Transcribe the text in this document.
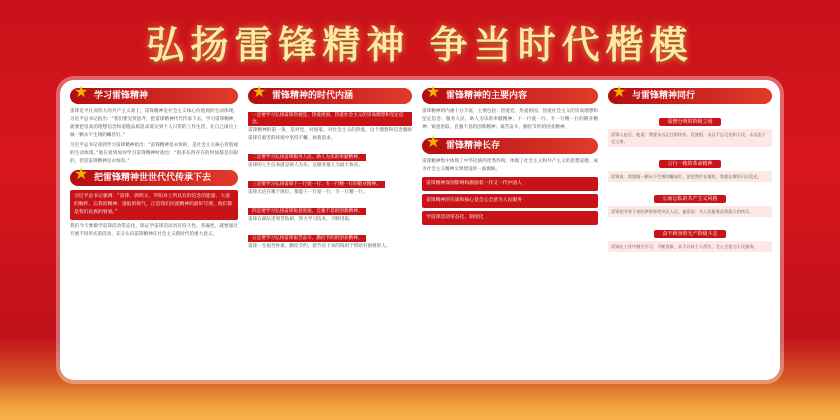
弘扬雷锋精神 争当时代楷模
★ 学习雷锋精神
雷锋是平凡而伟大的共产主义战士，雷锋精神是社会主义核心价值观的生动体现。习近平总书记指出：“我们要见贤思齐，把雷锋精神代代传承下去。学习雷锋精神，就要把崇高的理想信念和道德品质追求落实到个人日常的工作生活，在自己岗位上做一颗永不生锈的螺丝钉。”
习近平总书记谈到学习雷锋精神指出：“雷锋精神是永恒的，是社会主义核心价值观的生动体现。”他在谈到如何学习雷锋精神时指出：“很多东西存在的时间都是有限的，但是雷锋精神是永恒的。”
★ 把雷锋精神世世代代传承下去
习近平总书记强调：“雷锋、郭明义、罗阳身上所具有的信念的能量、大爱的胸怀、忘我的精神、进取的锐气，正是我们民族精神的最好写照，他们都是我们民族的脊梁。”
我们今天要做学雷锋活动常态化，保证学雷锋活动具有持久性，普遍性，就要通过开展不同形式的活动，充分认识雷锋精神在社会主义新时代的重大意义。
★ 雷锋精神的时代内涵
一是要学习弘扬雷锋热爱党、热爱祖国、热爱社会主义的崇高理想和坚定信念。
雷锋精神的第一条，是对党、对国家、对社会主义的热爱。这个理想和信念激励雷锋在艰苦的环境中坚持不懈，执着追求。
二是要学习弘扬雷锋服务人民、助人为乐的奉献精神。
雷锋的人生信条就是助人为乐，以服务他人为最大快乐。
三是要学习弘扬雷锋干一行爱一行、专一行精一行的敬业精神。
雷锋无论在哪个岗位，都能干一行爱一行，专一行精一行。
四是要学习弘扬雷锋锐意进取、自强不息的创新精神。
雷锋在部队里刻苦钻研，努力学习技术，不断进取。
五是要学习弘扬雷锋艰苦奋斗、勤俭节约的创业精神。
雷锋一生艰苦朴素，勤俭节约，把节省下来的钱用于帮助有困难的人。
★ 雷锋精神的主要内容
雷锋精神的内涵十分丰富，主要包括：热爱党、热爱祖国、热爱社会主义的崇高理想和坚定信念；服务人民、助人为乐的奉献精神；干一行爱一行、专一行精一行的敬业精神；锐意进取、自强不息的创新精神；艰苦奋斗、勤俭节约的创业精神。
★ 雷锋精神长存
雷锋精神集中体现了中华民族的优秀传统，体现了社会主义和共产主义的思想道德，成为社会主义精神文明建设的一面旗帜。
雷锋精神深刻影响和激励着一代又一代中国人
雷锋精神的实质和核心是全心全意为人民服务
学雷锋活动常态化、制度化
★ 与雷锋精神同行
爱憎分明的阶级立场
雷锋入伍后，他说：我要永远记住阶级仇、民族恨，永远不忘记党和人民，永远忠于毛主席。
言行一致的革命精神
雷锋说：我愿做一颗永不生锈的螺丝钉，党把我拧在哪里，我就在哪里闪闪发光。
公而忘私的共产主义风格
雷锋把节省下来的津贴寄给灾区人民，他常说：为人民服务是我最大的快乐。
奋不顾身的无产阶级斗志
雷锋在工作中刻苦学习，不断进取，从不计较个人得失，全心全意为人民服务。
